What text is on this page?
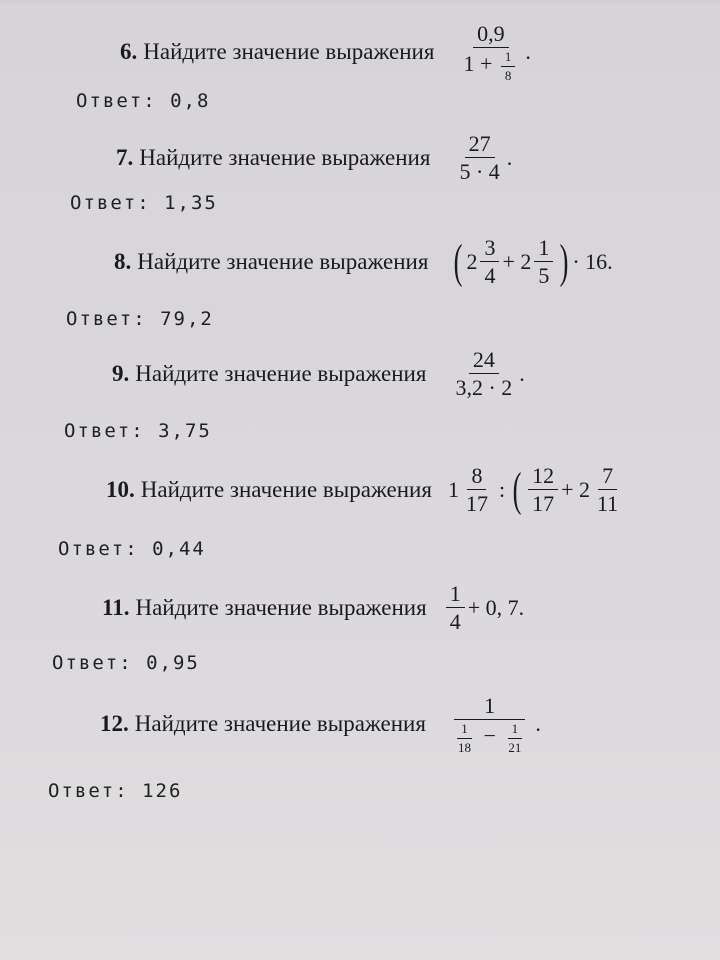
6. Найдите значение выражения $\frac{0,9}{1 + \frac{1}{8}}$ .
Ответ: 0,8
7. Найдите значение выражения $\frac{27}{5 \cdot 4}$ .
Ответ: 1,35
8. Найдите значение выражения ( $2 \frac{3}{4} + 2 \frac{1}{5}$ ) · 16.
Ответ: 79,2
9. Найдите значение выражения $\frac{24}{3,2 \cdot 2}$ .
Ответ: 3,75
10. Найдите значение выражения $1 \frac{8}{17}$ : ( $\frac{12}{17} + 2 \frac{7}{11}$
Ответ: 0,44
11. Найдите значение выражения $\frac{1}{4} + 0$, 7.
Ответ: 0,95
12. Найдите значение выражения
1
$\frac{1}{18} - \frac{1}{21}$ .
Ответ: 126
